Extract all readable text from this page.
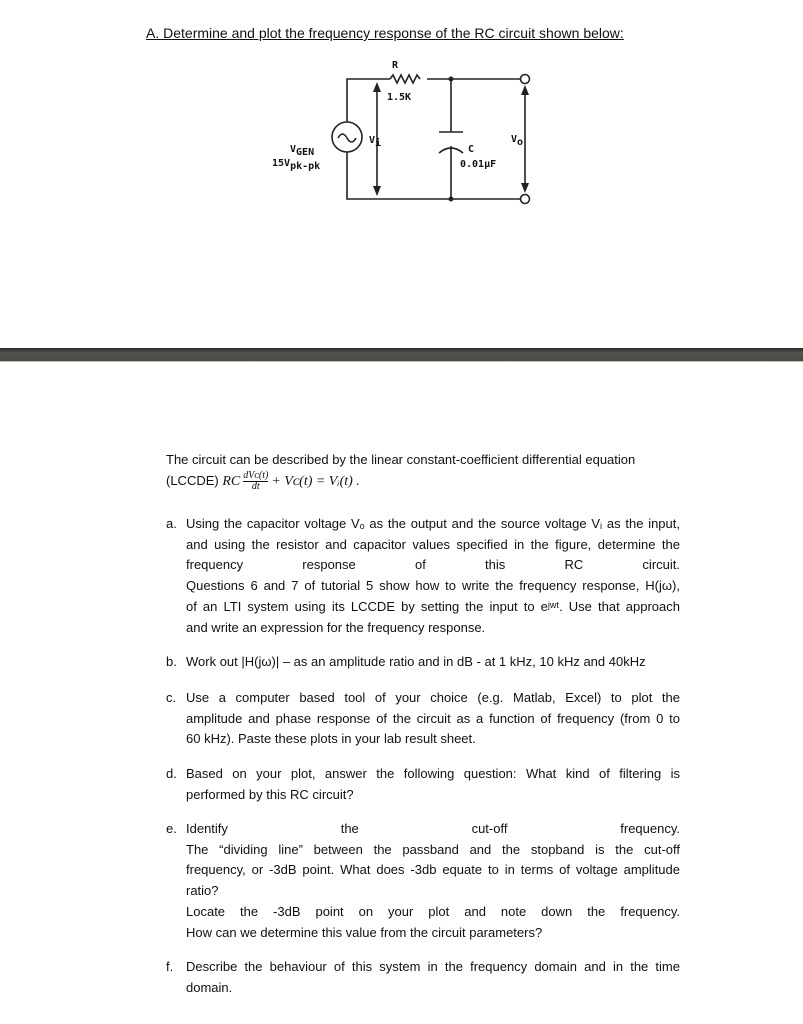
A. Determine and plot the frequency response of the RC circuit shown below:
R
1.5K
C
0.01µF
VGEN
15Vpk-pk
Vi	Vo
The circuit can be described by the linear constant-coefficient differential equation
(LCCDE) RC $\frac{\text{dVᴄ(t)}}{dt}$ + Vᴄ(t) = Vᵢ(t) .
a. Using the capacitor voltage Vₒ as the output and the source voltage Vᵢ as the input,
and using the resistor and capacitor values specified in the figure, determine the
frequency response of this RC circuit.
Questions 6 and 7 of tutorial 5 show how to write the frequency response, H(jω),
of an LTI system using its LCCDE by setting the input to eʲʷᵗ. Use that approach
and write an expression for the frequency response.
b. Work out |H(jω)| – as an amplitude ratio and in dB - at 1 kHz, 10 kHz and 40kHz
c. Use a computer based tool of your choice (e.g. Matlab, Excel) to plot the
amplitude and phase response of the circuit as a function of frequency (from 0 to
60 kHz). Paste these plots in your lab result sheet.
d. Based on your plot, answer the following question: What kind of filtering is
performed by this RC circuit?
e. Identify the cut-off frequency.
The “dividing line” between the passband and the stopband is the cut-off
frequency, or -3dB point. What does -3db equate to in terms of voltage amplitude
ratio?
Locate the -3dB point on your plot and note down the frequency.
How can we determine this value from the circuit parameters?
f. Describe the behaviour of this system in the frequency domain and in the time
domain.
